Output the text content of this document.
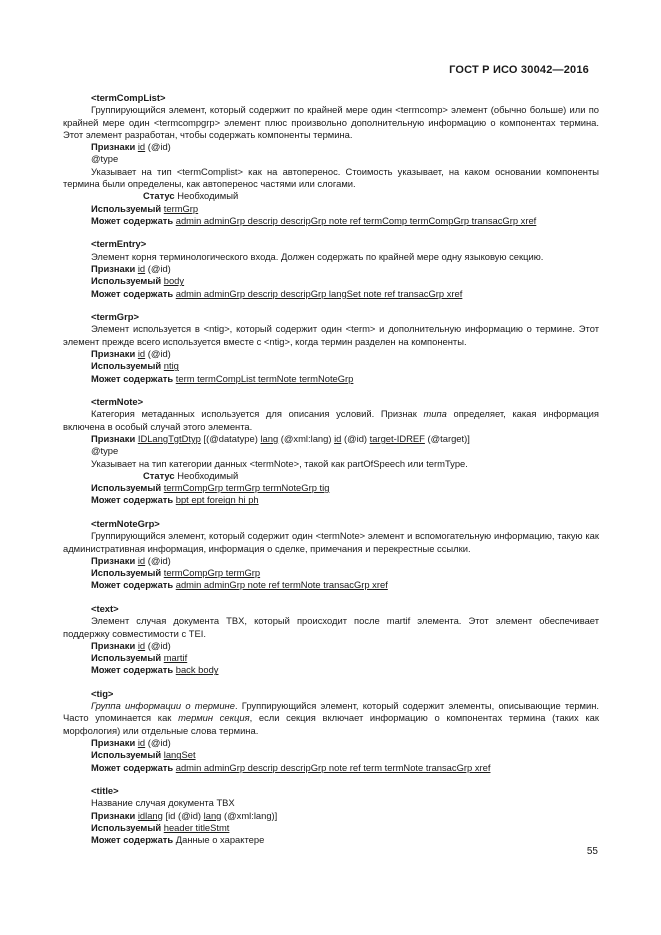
ГОСТ Р ИСО 30042—2016
<termCompList>
Группирующийся элемент, который содержит по крайней мере один <termcomp> элемент (обычно больше) или по крайней мере один <termcompgrp> элемент плюс произвольно дополнительную информацию о компонентах термина. Этот элемент разработан, чтобы содержать компоненты термина.
Признаки id (@id)
@type
Указывает на тип <termComplist> как на автоперенос. Стоимость указывает, на каком основании компоненты термина были определены, как автоперенос частями или слогами.
Статус Необходимый
Используемый termGrp
Может содержать admin adminGrp descrip descripGrp note ref termComp termCompGrp transacGrp xref
<termEntry>
Элемент корня терминологического входа. Должен содержать по крайней мере одну языковую секцию.
Признаки id (@id)
Используемый body
Может содержать admin adminGrp descrip descripGrp langSet note ref transacGrp xref
<termGrp>
Элемент используется в <ntig>, который содержит один <term> и дополнительную информацию о термине. Этот элемент прежде всего используется вместе с <ntig>, когда термин разделен на компоненты.
Признаки id (@id)
Используемый ntig
Может содержать term termCompList termNote termNoteGrp
<termNote>
Категория метаданных используется для описания условий. Признак типа определяет, какая информация включена в особый случай этого элемента.
Признаки IDLangTgtDtyp [(@datatype) lang (@xml:lang) id (@id) target-IDREF (@target)]
@type
Указывает на тип категории данных <termNote>, такой как partOfSpeech или termType.
Статус Необходимый
Используемый termCompGrp termGrp termNoteGrp tig
Может содержать bpt ept foreign hi ph
<termNoteGrp>
Группирующийся элемент, который содержит один <termNote> элемент и вспомогательную информацию, такую как административная информация, информация о сделке, примечания и перекрестные ссылки.
Признаки id (@id)
Используемый termCompGrp termGrp
Может содержать admin adminGrp note ref termNote transacGrp xref
<text>
Элемент случая документа TBX, который происходит после martif элемента. Этот элемент обеспечивает поддержку совместимости с TEI.
Признаки id (@id)
Используемый martif
Может содержать back body
<tig>
Группа информации о термине. Группирующийся элемент, который содержит элементы, описывающие термин. Часто упоминается как термин секция, если секция включает информацию о компонентах термина (таких как морфология) или отдельные слова термина.
Признаки id (@id)
Используемый langSet
Может содержать admin adminGrp descrip descripGrp note ref term termNote transacGrp xref
<title>
Название случая документа TBX
Признаки idlang [id (@id) lang (@xml:lang)]
Используемый header titleStmt
Может содержать Данные о характере
55
